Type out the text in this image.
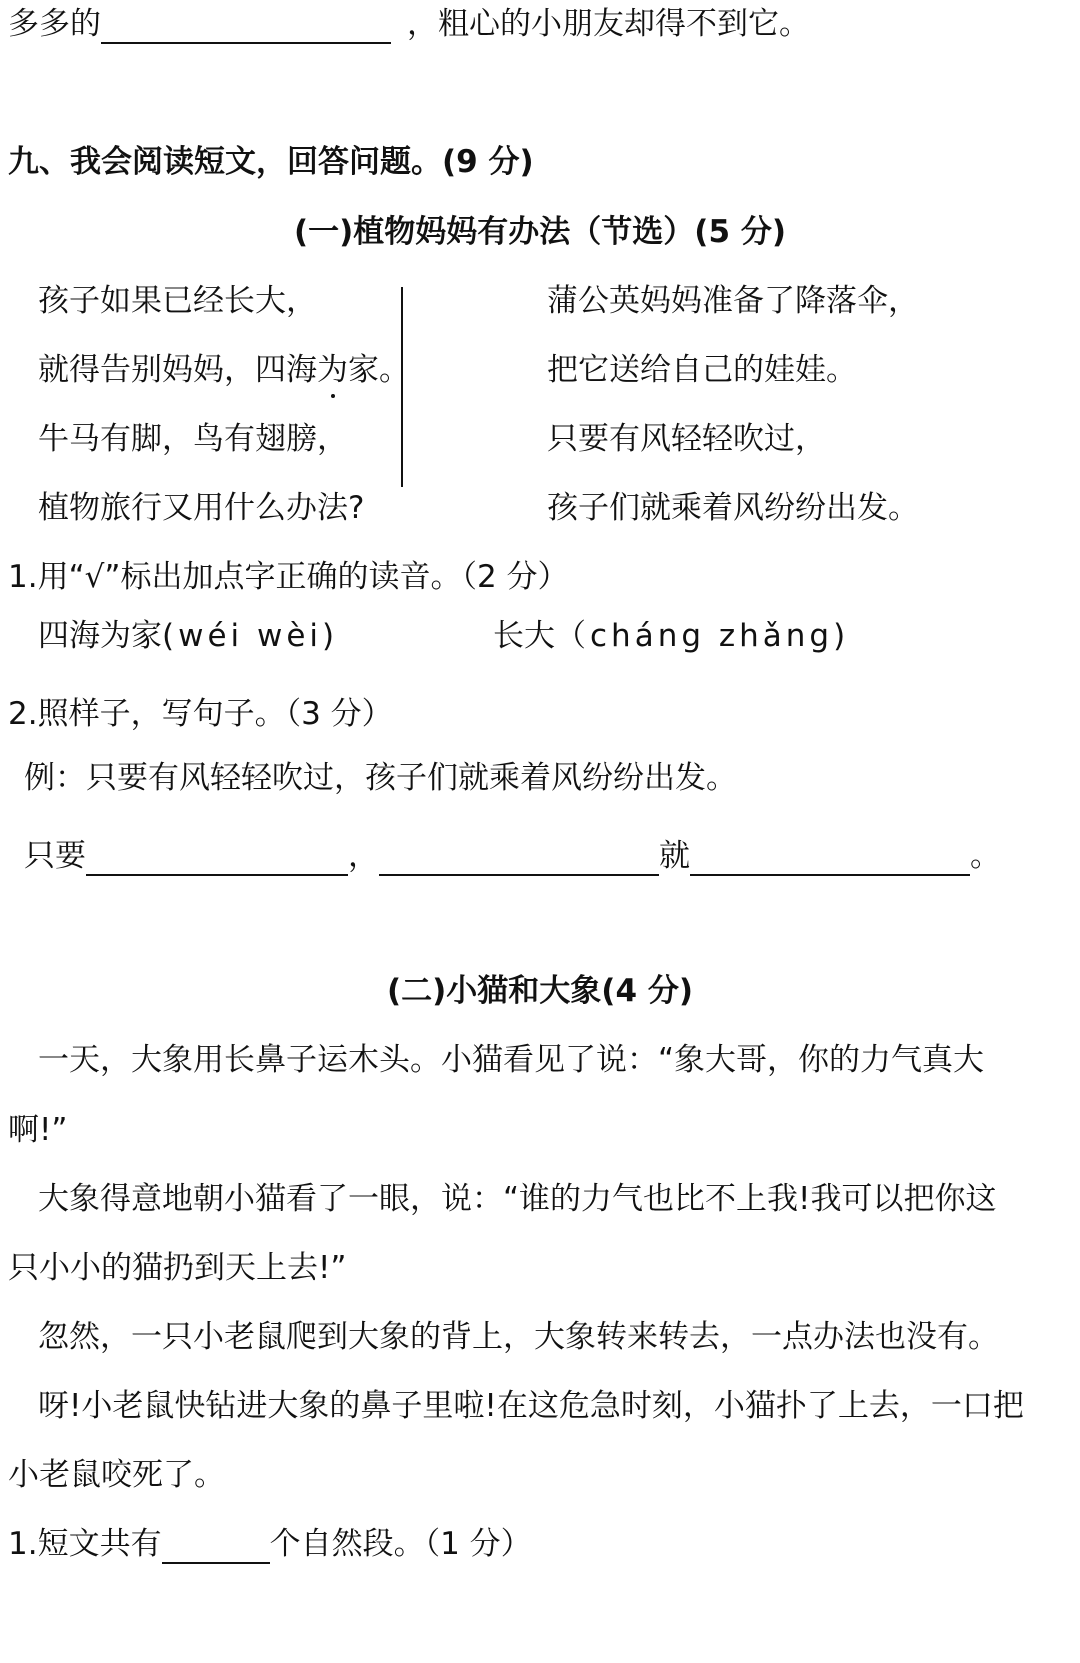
多多的	，粗心的小朋友却得不到它。
九、我会阅读短文，回答问题。(9 分)
(一)植物妈妈有办法（节选）(5 分)
孩子如果已经长大，
就得告别妈妈，四海为家。
牛马有脚，鸟有翅膀，
植物旅行又用什么办法?
蒲公英妈妈准备了降落伞，
把它送给自己的娃娃。
只要有风轻轻吹过，
孩子们就乘着风纷纷出发。
1.用“√”标出加点字正确的读音。（2 分）
四海为家(wéi wèi)	长大（cháng zhǎng)
2.照样子，写句子。（3 分）
例：只要有风轻轻吹过，孩子们就乘着风纷纷出发。
只要	，	就	。
(二)小猫和大象(4 分)
一天，大象用长鼻子运木头。小猫看见了说：“象大哥，你的力气真大
啊!”
大象得意地朝小猫看了一眼，说：“谁的力气也比不上我!我可以把你这
只小小的猫扔到天上去!”
忽然，一只小老鼠爬到大象的背上，大象转来转去，一点办法也没有。
呀!小老鼠快钻进大象的鼻子里啦!在这危急时刻，小猫扑了上去，一口把
小老鼠咬死了。
1.短文共有	个自然段。（1 分）
